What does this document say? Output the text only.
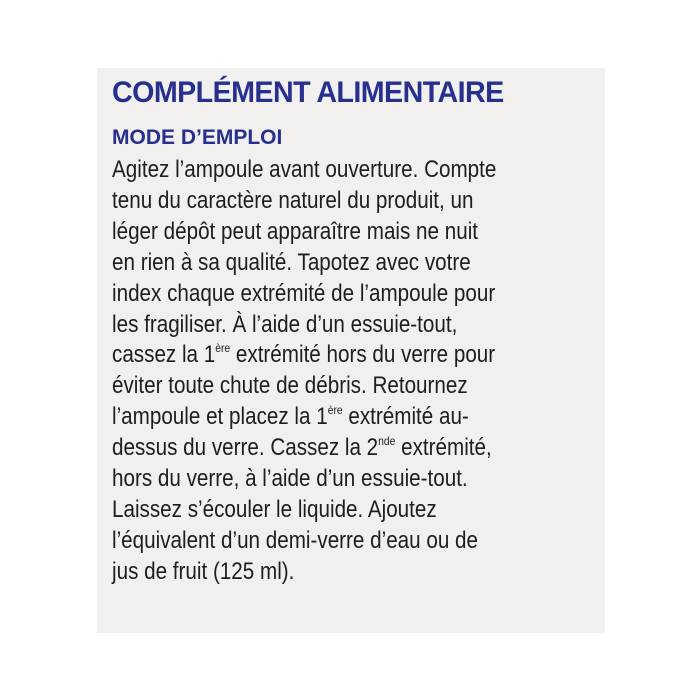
COMPLÉMENT ALIMENTAIRE
MODE D’EMPLOI
Agitez l’ampoule avant ouverture. Compte
tenu du caractère naturel du produit, un
léger dépôt peut apparaître mais ne nuit
en rien à sa qualité. Tapotez avec votre
index chaque extrémité de l’ampoule pour
les fragiliser. À l’aide d’un essuie-tout,
cassez la 1ère extrémité hors du verre pour
éviter toute chute de débris. Retournez
l’ampoule et placez la 1ère extrémité au-
dessus du verre. Cassez la 2nde extrémité,
hors du verre, à l’aide d’un essuie-tout.
Laissez s’écouler le liquide. Ajoutez
l’équivalent d’un demi-verre d’eau ou de
jus de fruit (125 ml).
